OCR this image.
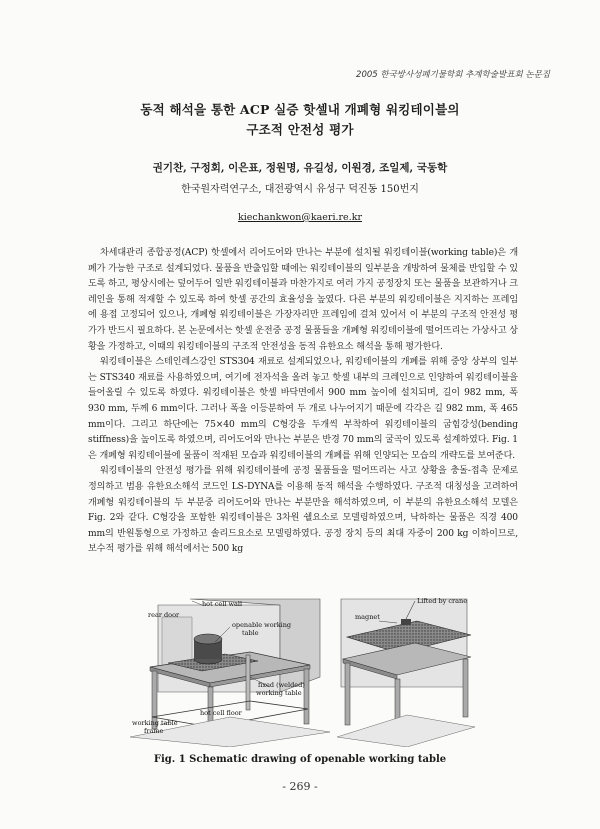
2005 한국방사성폐기물학회 추계학술발표회 논문집
동적 해석을 통한 ACP 실증 핫셀내 개폐형 워킹테이블의
구조적 안전성 평가
권기찬, 구정회, 이은표, 정원명, 유길성, 이원경, 조일제, 국동학
한국원자력연구소, 대전광역시 유성구 덕진동 150번지
kiechankwon@kaeri.re.kr

차세대관리 종합공정(ACP) 핫셀에서 리어도어와 만나는 부분에 설치될 워킹테이블(working table)은 개폐가 가능한 구조로 설계되었다. 물품을 반출입할 때에는 워킹테이블의 일부분을 개방하여 물체를 반입할 수 있도록 하고, 평상시에는 덮어두어 일반 워킹테이블과 마찬가지로 여러 가지 공정장치 또는 물품을 보관하거나 크레인을 통해 적재할 수 있도록 하여 핫셀 공간의 효율성을 높였다. 다른 부분의 워킹테이블은 지지하는 프레임에 용접 고정되어 있으나, 개폐형 워킹테이블은 가장자리만 프레임에 걸쳐 있어서 이 부분의 구조적 안전성 평가가 반드시 필요하다. 본 논문에서는 핫셀 운전중 공정 물품들을 개폐형 워킹테이블에 떨어뜨리는 가상사고 상황을 가정하고, 이때의 워킹테이블의 구조적 안전성을 동적 유한요소 해석을 통해 평가한다.

워킹테이블은 스테인레스강인 STS304 재료로 설계되었으나, 워킹테이블의 개폐를 위해 중앙 상부의 일부는 STS340 재료를 사용하였으며, 여기에 전자석을 올려 놓고 핫셀 내부의 크레인으로 인양하여 워킹테이블을 들어올릴 수 있도록 하였다. 워킹테이블은 핫셀 바닥면에서 900 mm 높이에 설치되며, 길이 982 mm, 폭 930 mm, 두께 6 mm이다. 그러나 폭을 이등분하여 두 개로 나누어지기 때문에 각각은 길 982 mm, 폭 465 mm이다. 그리고 하단에는 75×40 mm의 C형강을 두개씩 부착하여 워킹테이블의 굽힘강성(bending stiffness)을 높이도록 하였으며, 리어도어와 만나는 부분은 반경 70 mm의 굴곡이 있도록 설계하였다. Fig. 1은 개폐형 워킹테이블에 물품이 적재된 모습과 워킹테이블의 개폐를 위해 인양되는 모습의 개략도를 보여준다.

워킹테이블의 안전성 평가를 위해 워킹테이블에 공정 물품들을 떨어뜨리는 사고 상황을 충돌-접촉 문제로 정의하고 범용 유한요소해석 코드인 LS-DYNA를 이용해 동적 해석을 수행하였다. 구조적 대칭성을 고려하여 개폐형 워킹테이블의 두 부분중 리어도어와 만나는 부분만을 해석하였으며, 이 부분의 유한요소해석 모델은 Fig. 2와 같다. C형강을 포함한 워킹테이블은 3차원 쉘요소로 모델링하였으며, 낙하하는 물품은 직경 400 mm의 반원통형으로 가정하고 솔리드요소로 모델링하였다. 공정 장치 등의 최대 자중이 200 kg 이하이므로, 보수적 평가를 위해 해석에서는 500 kg

hot cell wall
rear door
openable working
table
fixed (welded)
working table
hot cell floor
working table
frame
Lifted by crane
magnet
Fig. 1 Schematic drawing of openable working table
- 269 -
